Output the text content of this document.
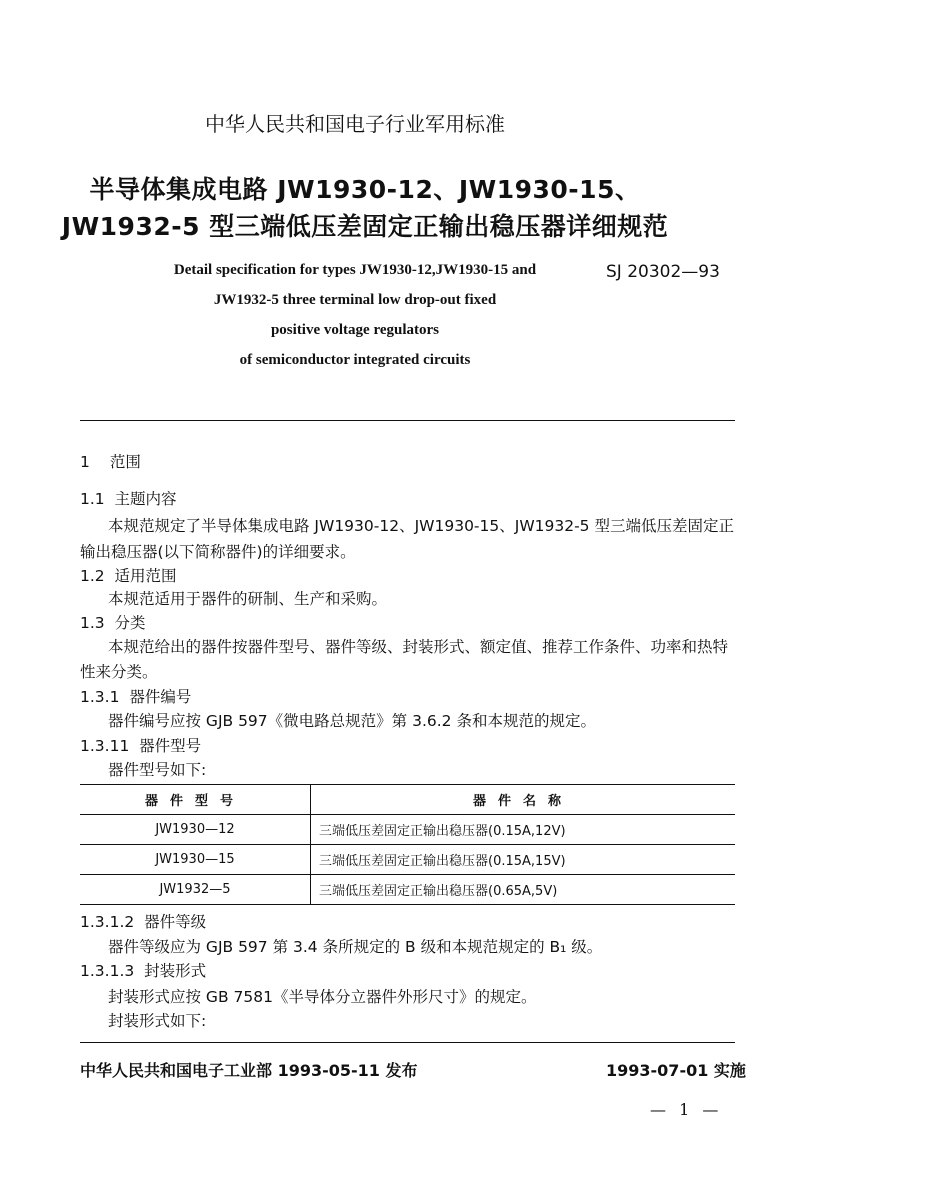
中华人民共和国电子行业军用标准
半导体集成电路 JW1930-12、JW1930-15、
JW1932-5 型三端低压差固定正输出稳压器详细规范
Detail specification for types JW1930-12,JW1930-15 and
JW1932-5 three terminal low drop-out fixed
positive voltage regulators
of semiconductor integrated circuits
SJ 20302—93
1 范围
1.1 主题内容
本规范规定了半导体集成电路 JW1930-12、JW1930-15、JW1932-5 型三端低压差固定正
输出稳压器(以下简称器件)的详细要求。
1.2 适用范围
本规范适用于器件的研制、生产和采购。
1.3 分类
本规范给出的器件按器件型号、器件等级、封装形式、额定值、推荐工作条件、功率和热特
性来分类。
1.3.1 器件编号
器件编号应按 GJB 597《微电路总规范》第 3.6.2 条和本规范的规定。
1.3.11 器件型号
器件型号如下:
器件型号	器件名称
JW1930—12	三端低压差固定正输出稳压器(0.15A,12V)
JW1930—15	三端低压差固定正输出稳压器(0.15A,15V)
JW1932—5	三端低压差固定正输出稳压器(0.65A,5V)
1.3.1.2 器件等级
器件等级应为 GJB 597 第 3.4 条所规定的 B 级和本规范规定的 B₁ 级。
1.3.1.3 封装形式
封装形式应按 GB 7581《半导体分立器件外形尺寸》的规定。
封装形式如下:
中华人民共和国电子工业部 1993-05-11 发布	1993-07-01 实施
— 1 —
